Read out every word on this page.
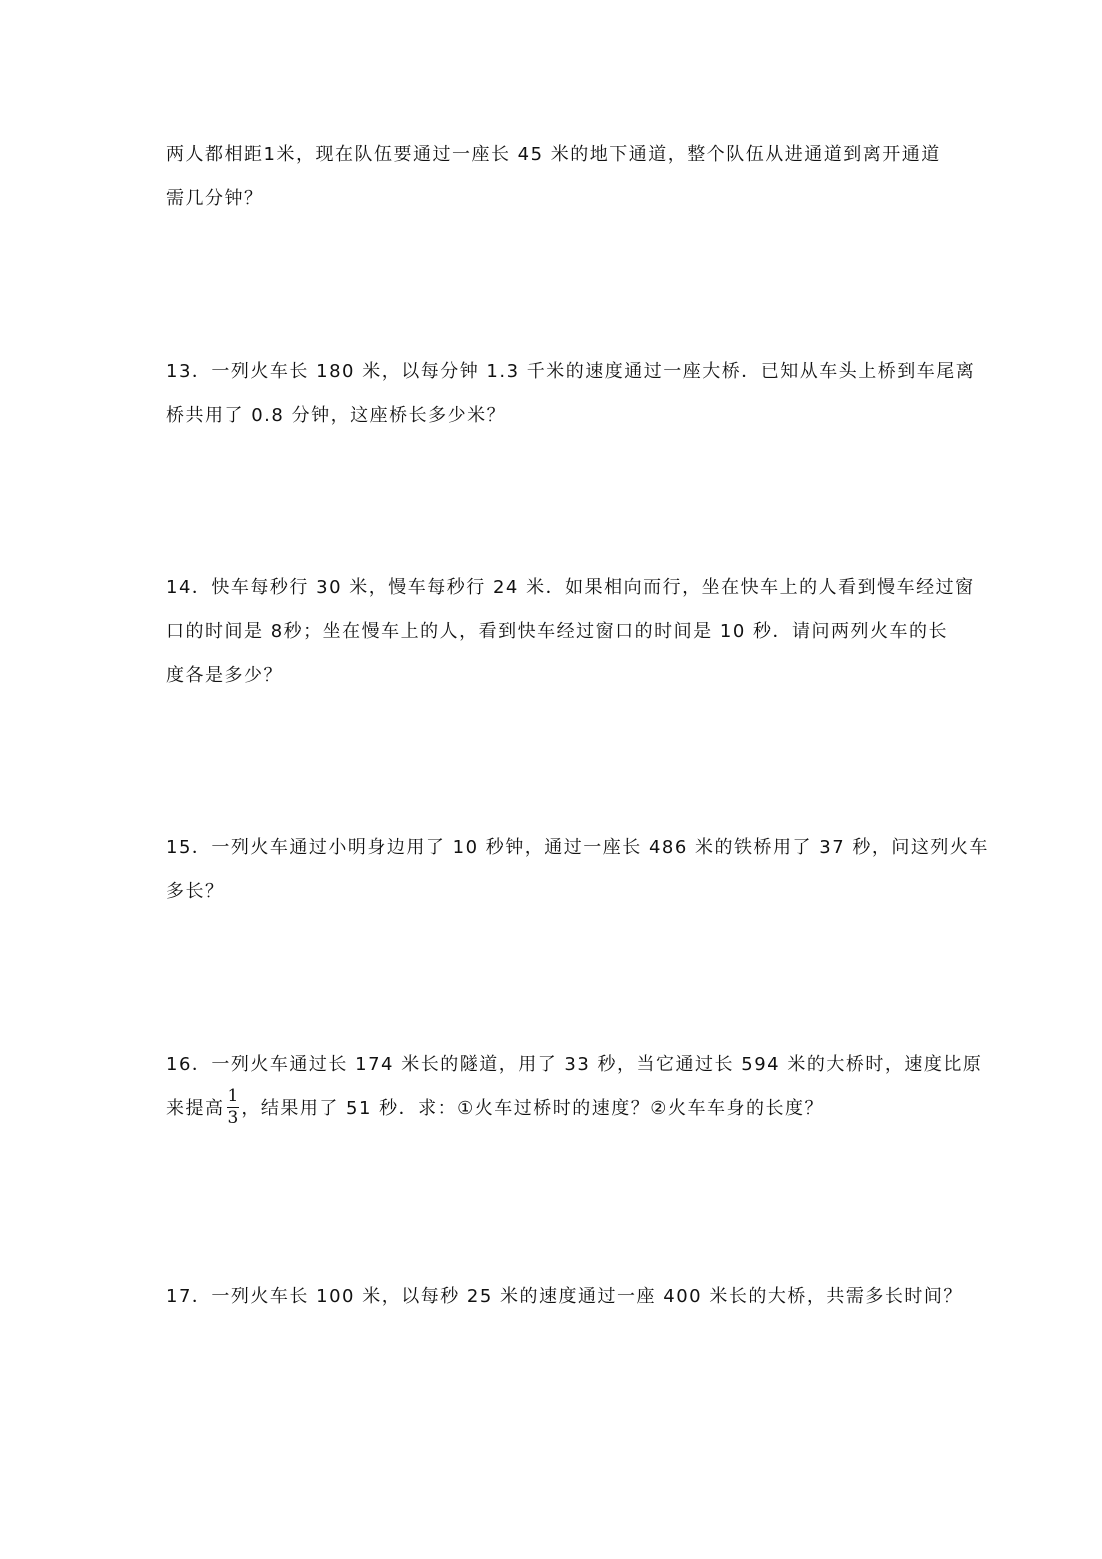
两人都相距1米，现在队伍要通过一座长 45 米的地下通道，整个队伍从进通道到离开通道
需几分钟？
13．一列火车长 180 米，以每分钟 1.3 千米的速度通过一座大桥．已知从车头上桥到车尾离
桥共用了 0.8 分钟，这座桥长多少米？
14．快车每秒行 30 米，慢车每秒行 24 米．如果相向而行，坐在快车上的人看到慢车经过窗
口的时间是 8秒；坐在慢车上的人，看到快车经过窗口的时间是 10 秒．请问两列火车的长
度各是多少？
15．一列火车通过小明身边用了 10 秒钟，通过一座长 486 米的铁桥用了 37 秒，问这列火车
多长？
16．一列火车通过长 174 米长的隧道，用了 33 秒，当它通过长 594 米的大桥时，速度比原
来提高 $\frac{1}{3}$ ，结果用了 51 秒．求：①火车过桥时的速度？②火车车身的长度？
17．一列火车长 100 米，以每秒 25 米的速度通过一座 400 米长的大桥，共需多长时间？
